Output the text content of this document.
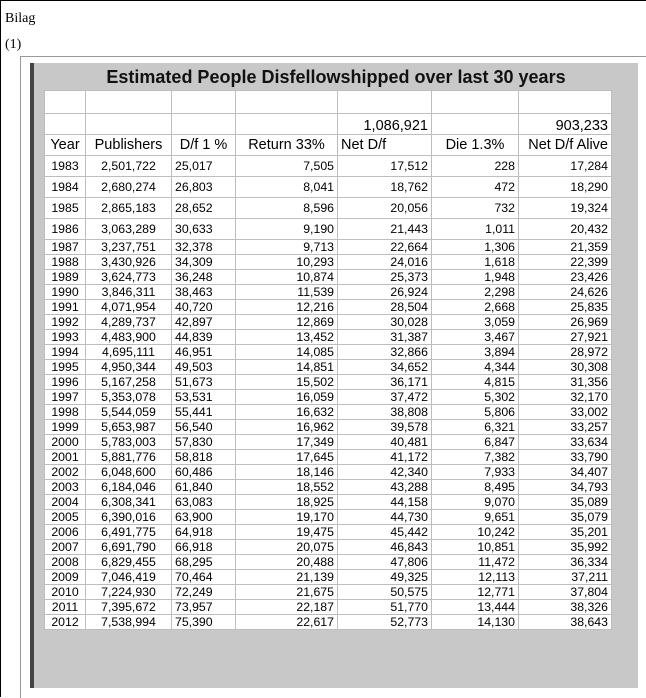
Bilag
(1)
Estimated People Disfellowshipped over last 30 years

				1,086,921		903,233
Year	Publishers	D/f 1 %	Return 33%	Net D/f	Die 1.3%	Net D/f Alive
1983	2,501,722	25,017	7,505	17,512	228	17,284
1984	2,680,274	26,803	8,041	18,762	472	18,290
1985	2,865,183	28,652	8,596	20,056	732	19,324
1986	3,063,289	30,633	9,190	21,443	1,011	20,432
1987	3,237,751	32,378	9,713	22,664	1,306	21,359
1988	3,430,926	34,309	10,293	24,016	1,618	22,399
1989	3,624,773	36,248	10,874	25,373	1,948	23,426
1990	3,846,311	38,463	11,539	26,924	2,298	24,626
1991	4,071,954	40,720	12,216	28,504	2,668	25,835
1992	4,289,737	42,897	12,869	30,028	3,059	26,969
1993	4,483,900	44,839	13,452	31,387	3,467	27,921
1994	4,695,111	46,951	14,085	32,866	3,894	28,972
1995	4,950,344	49,503	14,851	34,652	4,344	30,308
1996	5,167,258	51,673	15,502	36,171	4,815	31,356
1997	5,353,078	53,531	16,059	37,472	5,302	32,170
1998	5,544,059	55,441	16,632	38,808	5,806	33,002
1999	5,653,987	56,540	16,962	39,578	6,321	33,257
2000	5,783,003	57,830	17,349	40,481	6,847	33,634
2001	5,881,776	58,818	17,645	41,172	7,382	33,790
2002	6,048,600	60,486	18,146	42,340	7,933	34,407
2003	6,184,046	61,840	18,552	43,288	8,495	34,793
2004	6,308,341	63,083	18,925	44,158	9,070	35,089
2005	6,390,016	63,900	19,170	44,730	9,651	35,079
2006	6,491,775	64,918	19,475	45,442	10,242	35,201
2007	6,691,790	66,918	20,075	46,843	10,851	35,992
2008	6,829,455	68,295	20,488	47,806	11,472	36,334
2009	7,046,419	70,464	21,139	49,325	12,113	37,211
2010	7,224,930	72,249	21,675	50,575	12,771	37,804
2011	7,395,672	73,957	22,187	51,770	13,444	38,326
2012	7,538,994	75,390	22,617	52,773	14,130	38,643
